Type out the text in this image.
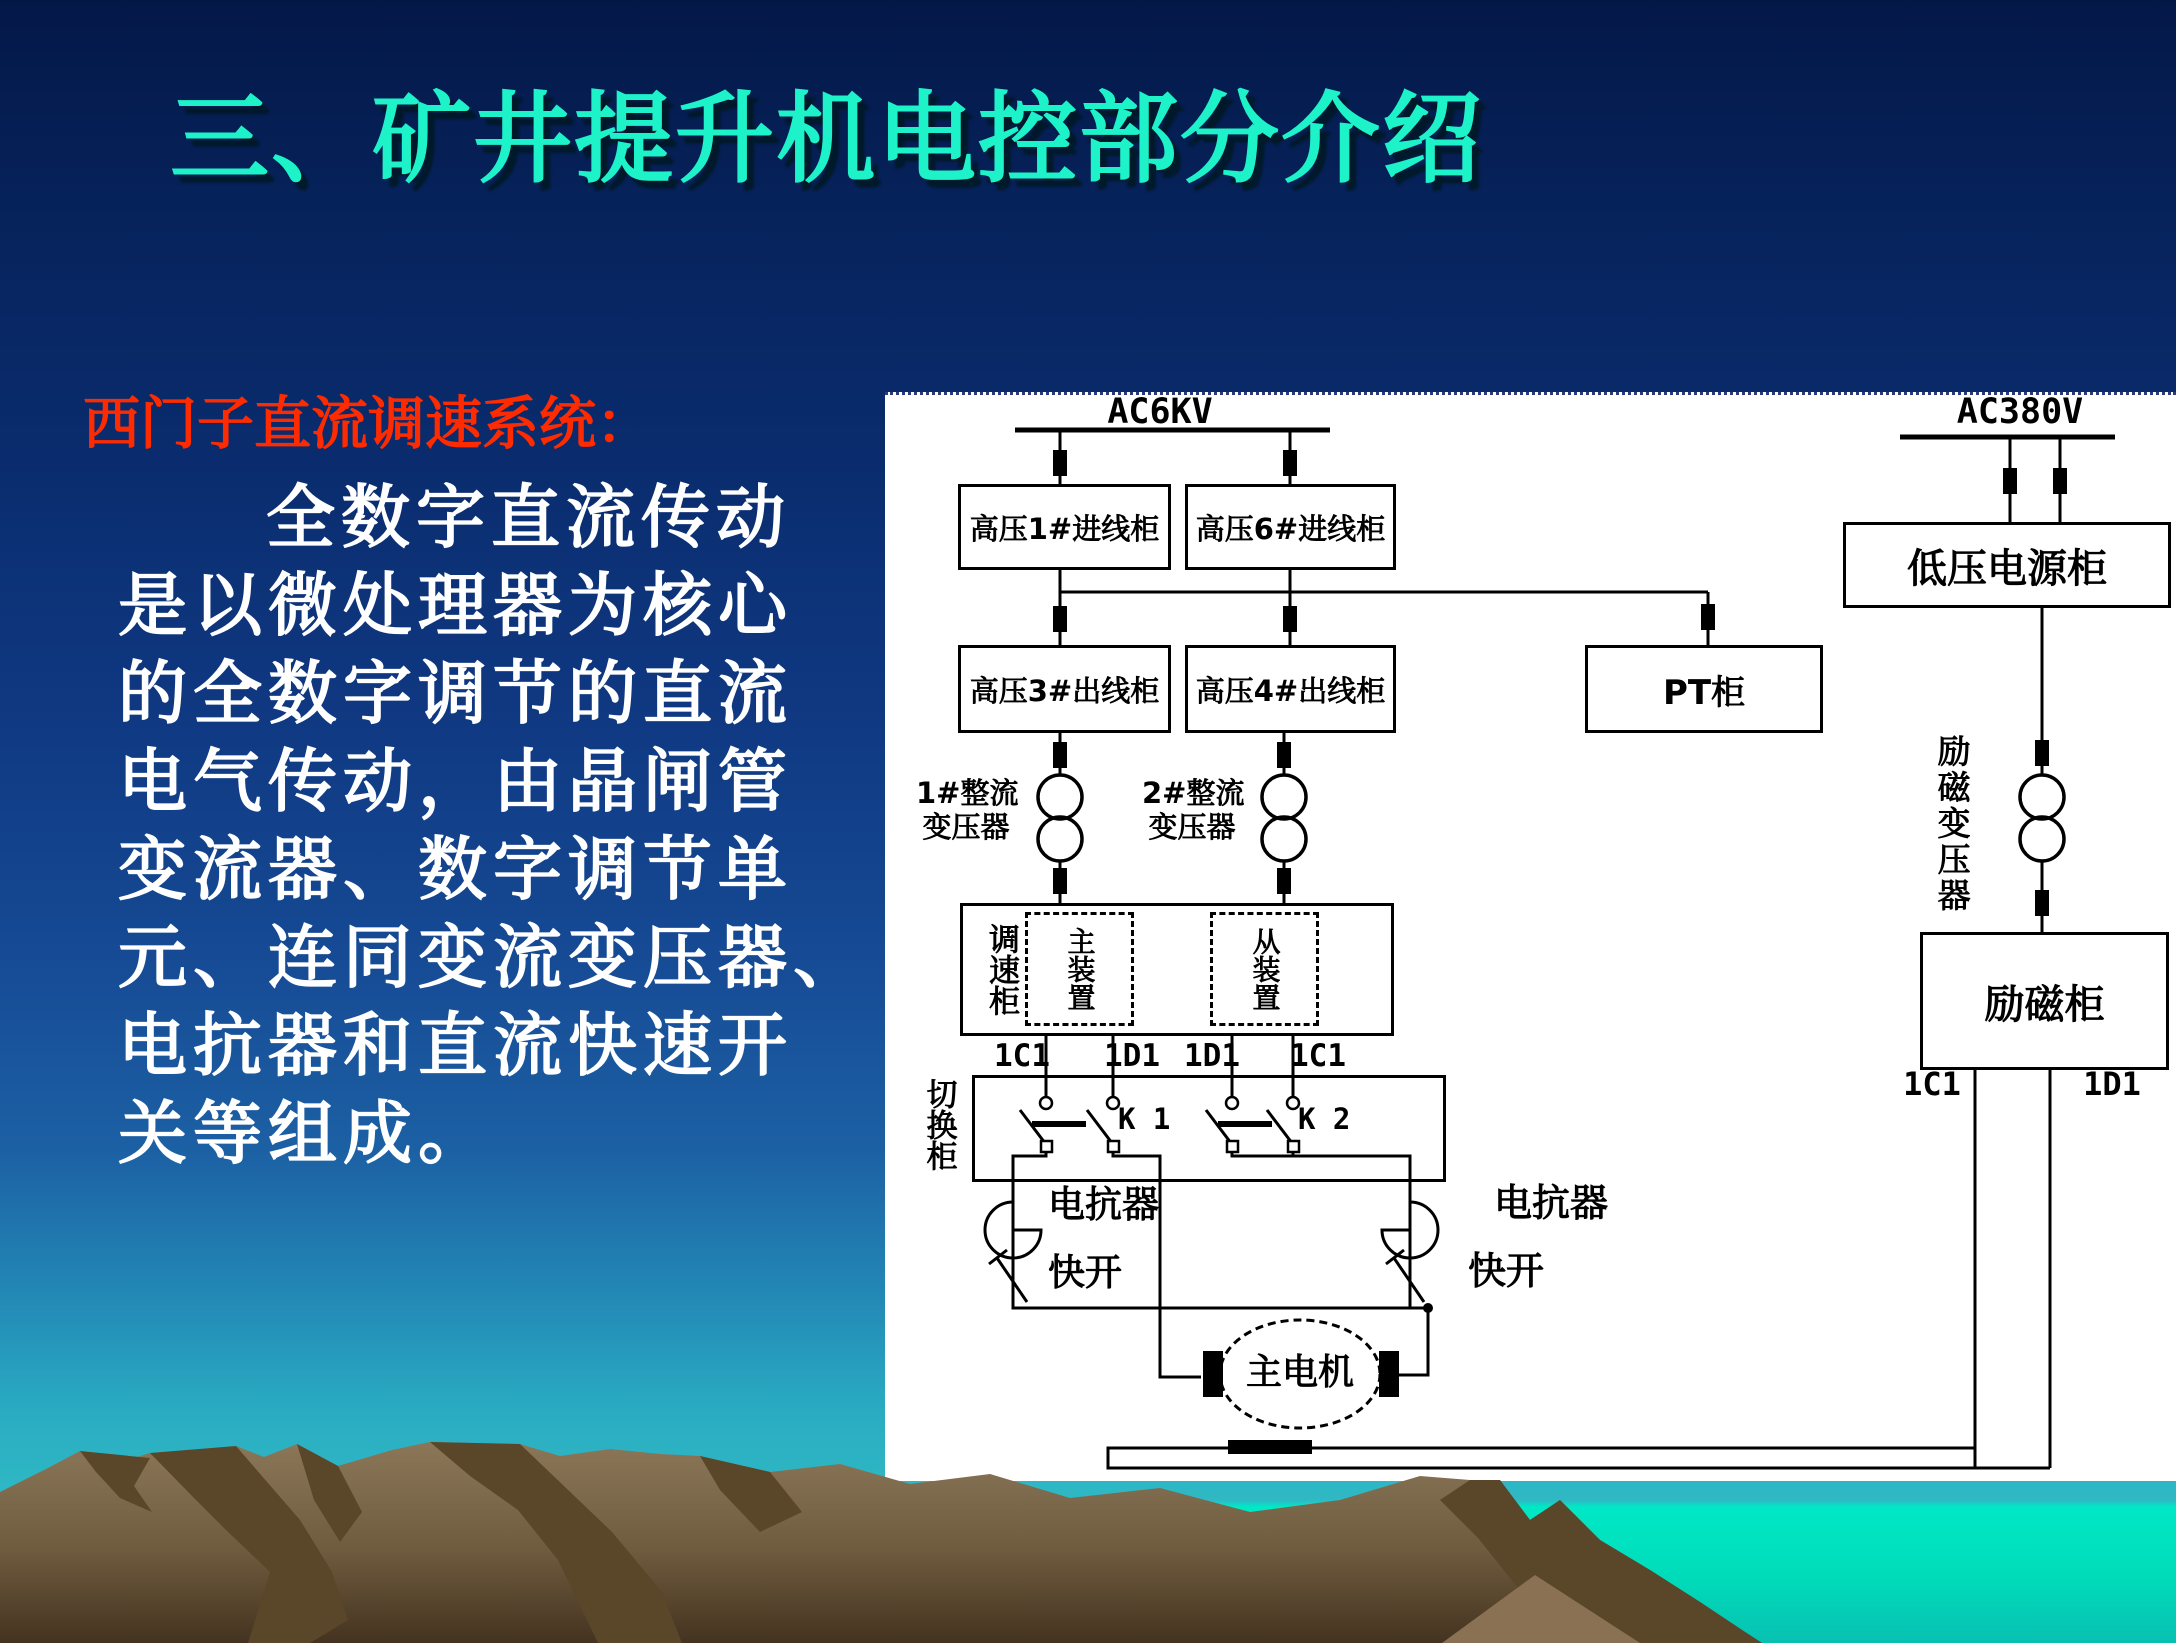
三、矿井提升机电控部分介绍
西门子直流调速系统：
全数字直流传动
是以微处理器为核心
的全数字调节的直流
电气传动，由晶闸管
变流器、数字调节单
元、连同变流变压器、
电抗器和直流快速开
关等组成。
高压1#进线柜 高压6#进线柜
高压3#出线柜 高压4#出线柜	PT柜
低压电源柜
调速柜 主装置	从装置
切换柜
励磁柜
AC6KV	AC380V
1#整流
变压器
2#整流
变压器	励磁变压器
1C1 1D1 1D1 1C1
K 1	K 2
电抗器	电抗器
快开	快开
主电机
1C1	1D1
